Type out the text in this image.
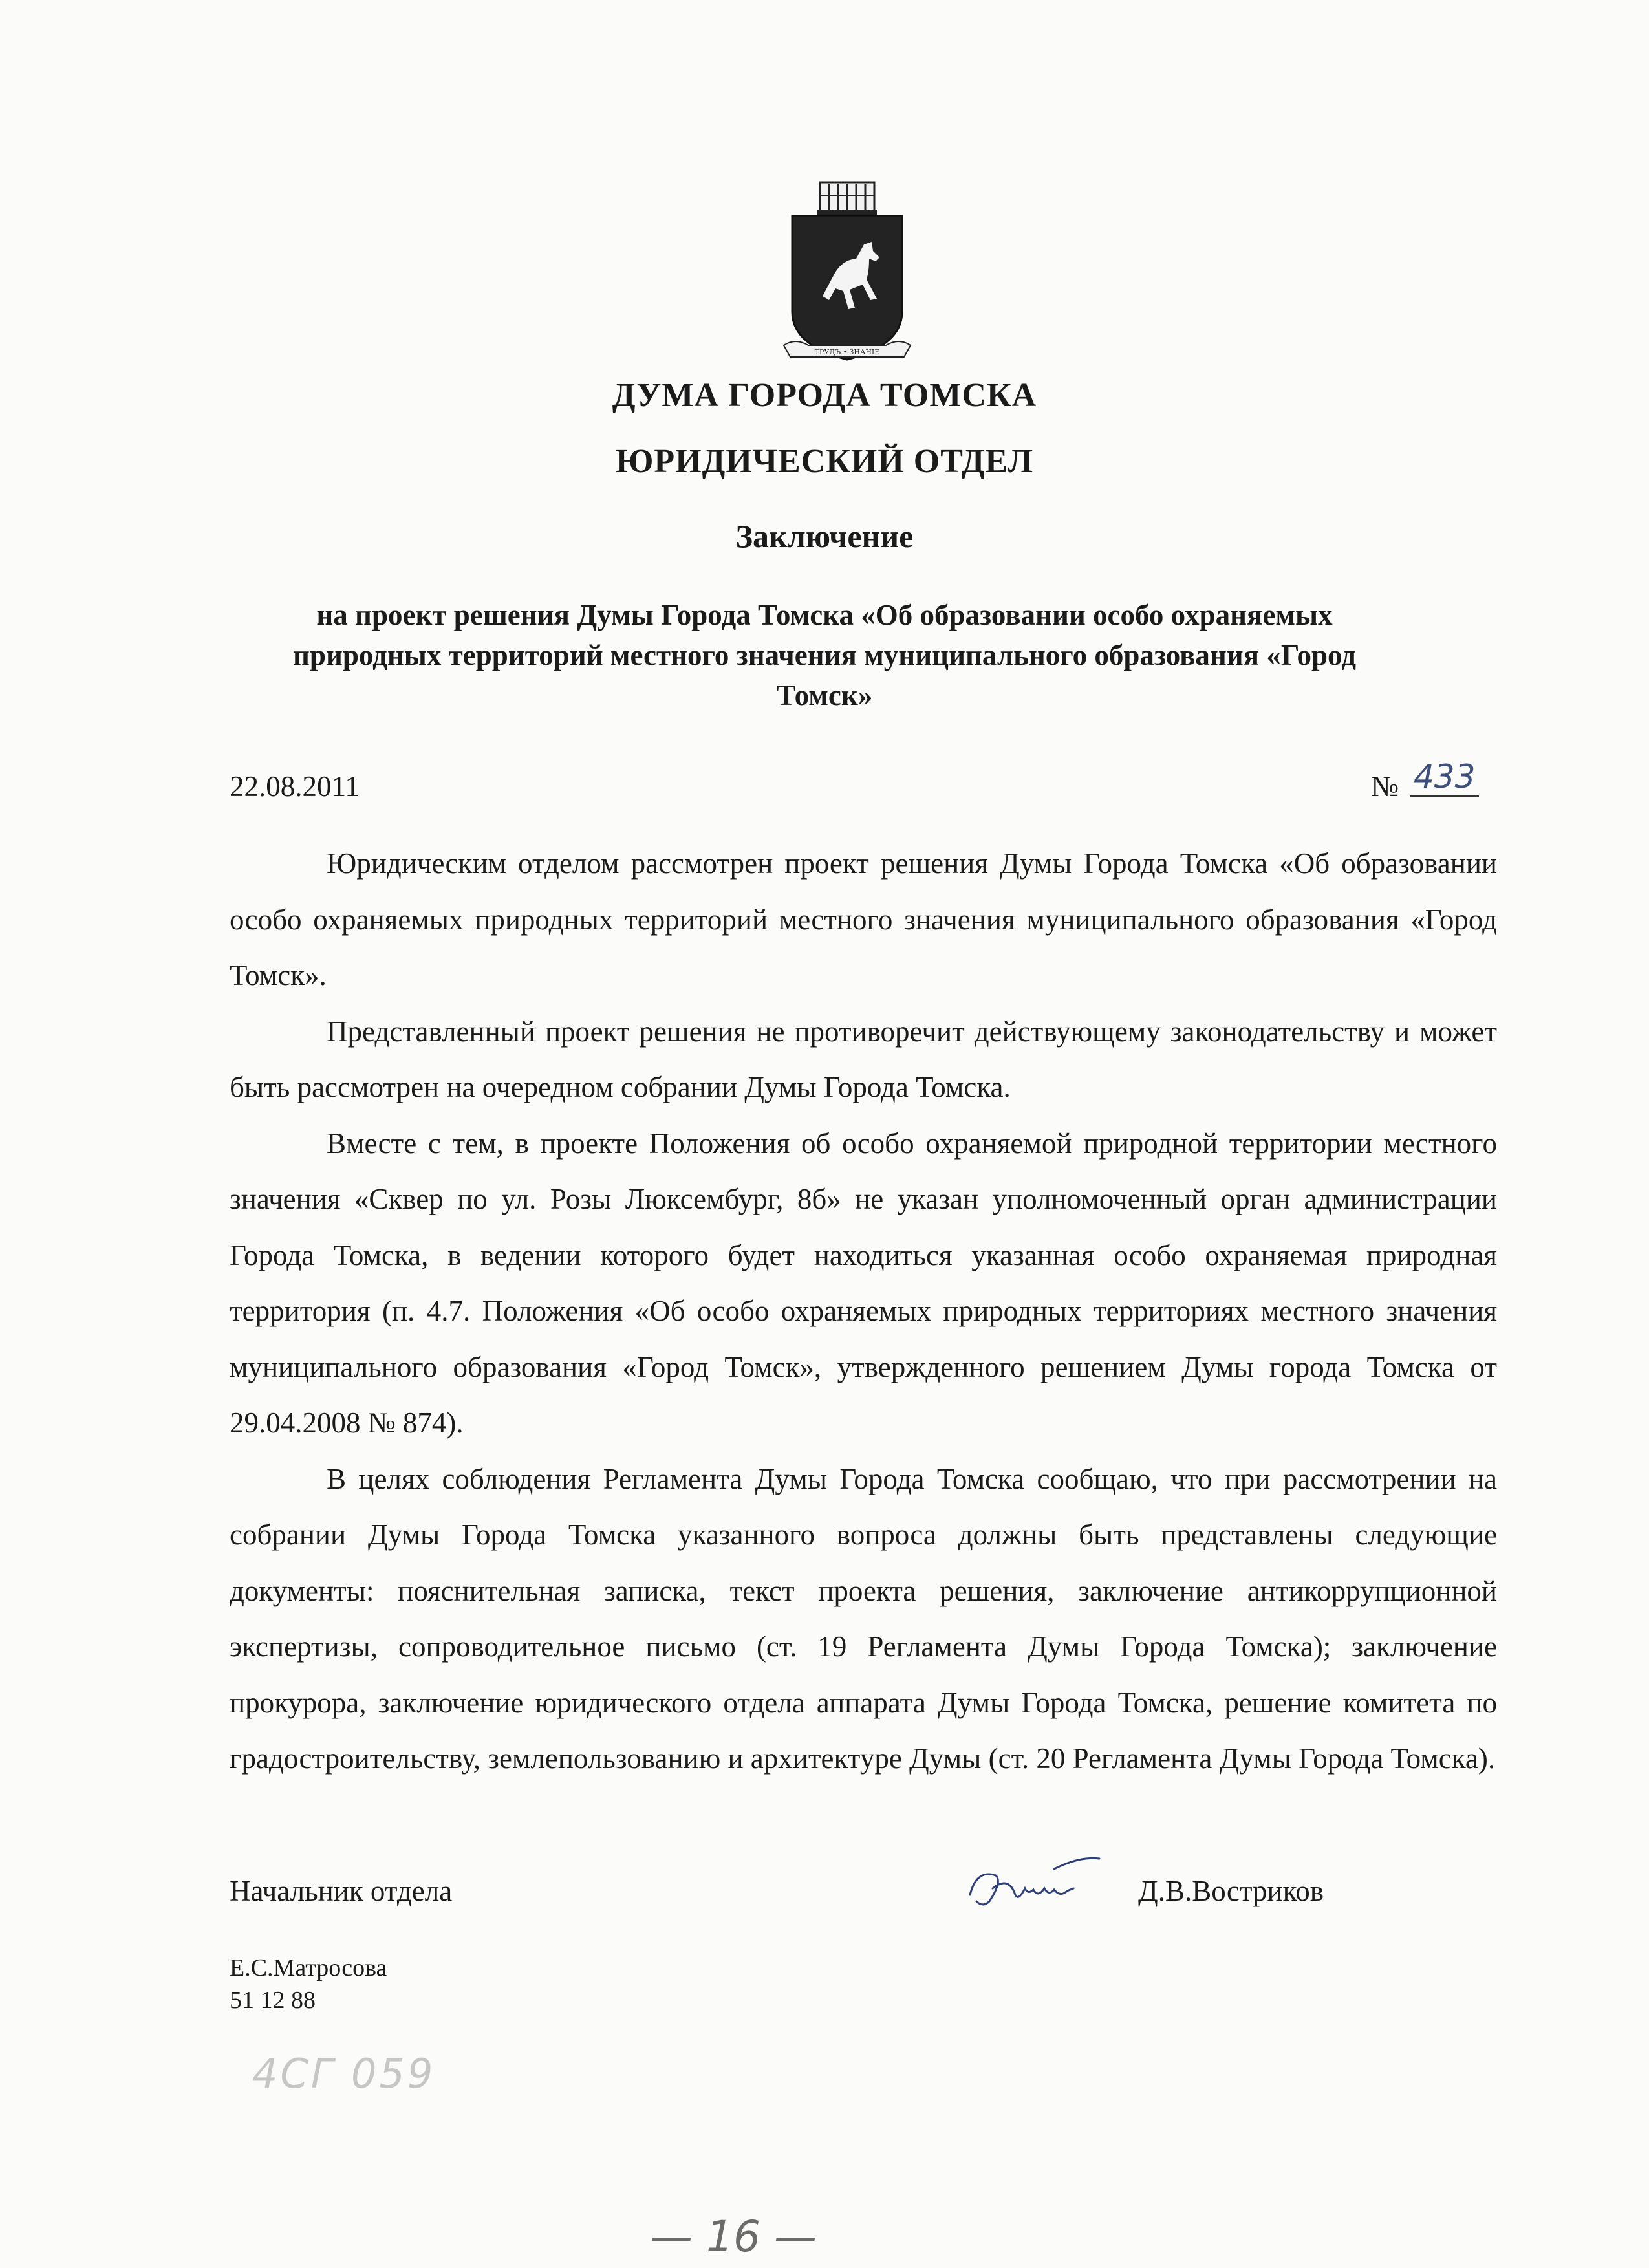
ТРУДЪ • ЗНАНІЕ
ДУМА ГОРОДА ТОМСКА
ЮРИДИЧЕСКИЙ ОТДЕЛ
Заключение
на проект решения Думы Города Томска «Об образовании особо охраняемых природных территорий местного значения муниципального образования «Город Томск»
22.08.2011	№ 433

Юридическим отделом рассмотрен проект решения Думы Города Томска «Об образовании особо охраняемых природных территорий местного значения муниципального образования «Город Томск».

Представленный проект решения не противоречит действующему законодательству и может быть рассмотрен на очередном собрании Думы Города Томска.

Вместе с тем, в проекте Положения об особо охраняемой природной территории местного значения «Сквер по ул. Розы Люксембург, 8б» не указан уполномоченный орган администрации Города Томска, в ведении которого будет находиться указанная особо охраняемая природная территория (п. 4.7. Положения «Об особо охраняемых природных территориях местного значения муниципального образования «Город Томск», утвержденного решением Думы города Томска от 29.04.2008 № 874).

В целях соблюдения Регламента Думы Города Томска сообщаю, что при рассмотрении на собрании Думы Города Томска указанного вопроса должны быть представлены следующие документы: пояснительная записка, текст проекта решения, заключение антикоррупционной экспертизы, сопроводительное письмо (ст. 19 Регламента Думы Города Томска); заключение прокурора, заключение юридического отдела аппарата Думы Города Томска, решение комитета по градостроительству, землепользованию и архитектуре Думы (ст. 20 Регламента Думы Города Томска).

Начальник отдела	Д.В.Востриков
Е.С.Матросова
51 12 88
4СГ 059
— 16 —
